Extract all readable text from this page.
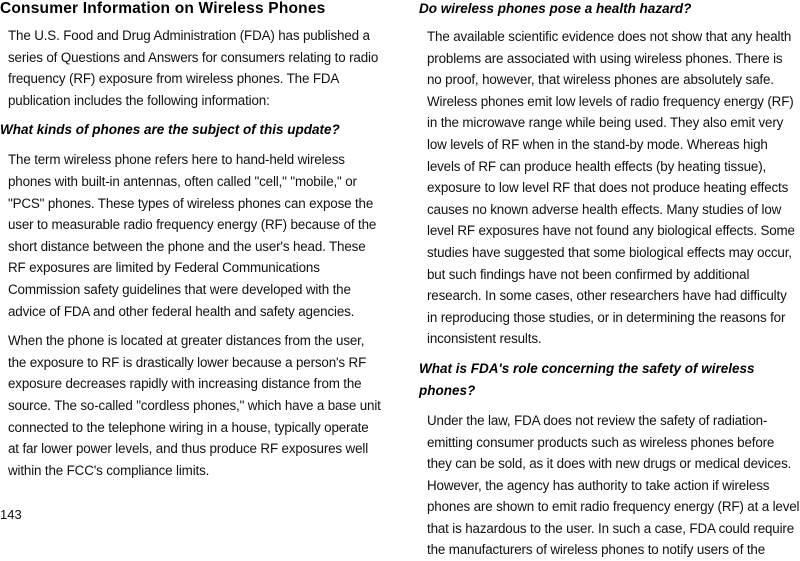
Consumer Information on Wireless Phones

The U.S. Food and Drug Administration (FDA) has published a series of Questions and Answers for consumers relating to radio frequency (RF) exposure from wireless phones. The FDA publication includes the following information:

What kinds of phones are the subject of this update?

The term wireless phone refers here to hand-held wireless phones with built-in antennas, often called "cell," "mobile," or "PCS" phones. These types of wireless phones can expose the user to measurable radio frequency energy (RF) because of the short distance between the phone and the user's head. These RF exposures are limited by Federal Communications Commission safety guidelines that were developed with the advice of FDA and other federal health and safety agencies.

When the phone is located at greater distances from the user, the exposure to RF is drastically lower because a person's RF exposure decreases rapidly with increasing distance from the source. The so-called "cordless phones," which have a base unit connected to the telephone wiring in a house, typically operate at far lower power levels, and thus produce RF exposures well within the FCC's compliance limits.

Do wireless phones pose a health hazard?

The available scientific evidence does not show that any health problems are associated with using wireless phones. There is no proof, however, that wireless phones are absolutely safe. Wireless phones emit low levels of radio frequency energy (RF) in the microwave range while being used. They also emit very low levels of RF when in the stand-by mode. Whereas high levels of RF can produce health effects (by heating tissue), exposure to low level RF that does not produce heating effects causes no known adverse health effects. Many studies of low level RF exposures have not found any biological effects. Some studies have suggested that some biological effects may occur, but such findings have not been confirmed by additional research. In some cases, other researchers have had difficulty in reproducing those studies, or in determining the reasons for inconsistent results.

What is FDA's role concerning the safety of wireless phones?

Under the law, FDA does not review the safety of radiation-emitting consumer products such as wireless phones before they can be sold, as it does with new drugs or medical devices. However, the agency has authority to take action if wireless phones are shown to emit radio frequency energy (RF) at a level that is hazardous to the user. In such a case, FDA could require the manufacturers of wireless phones to notify users of the

143
